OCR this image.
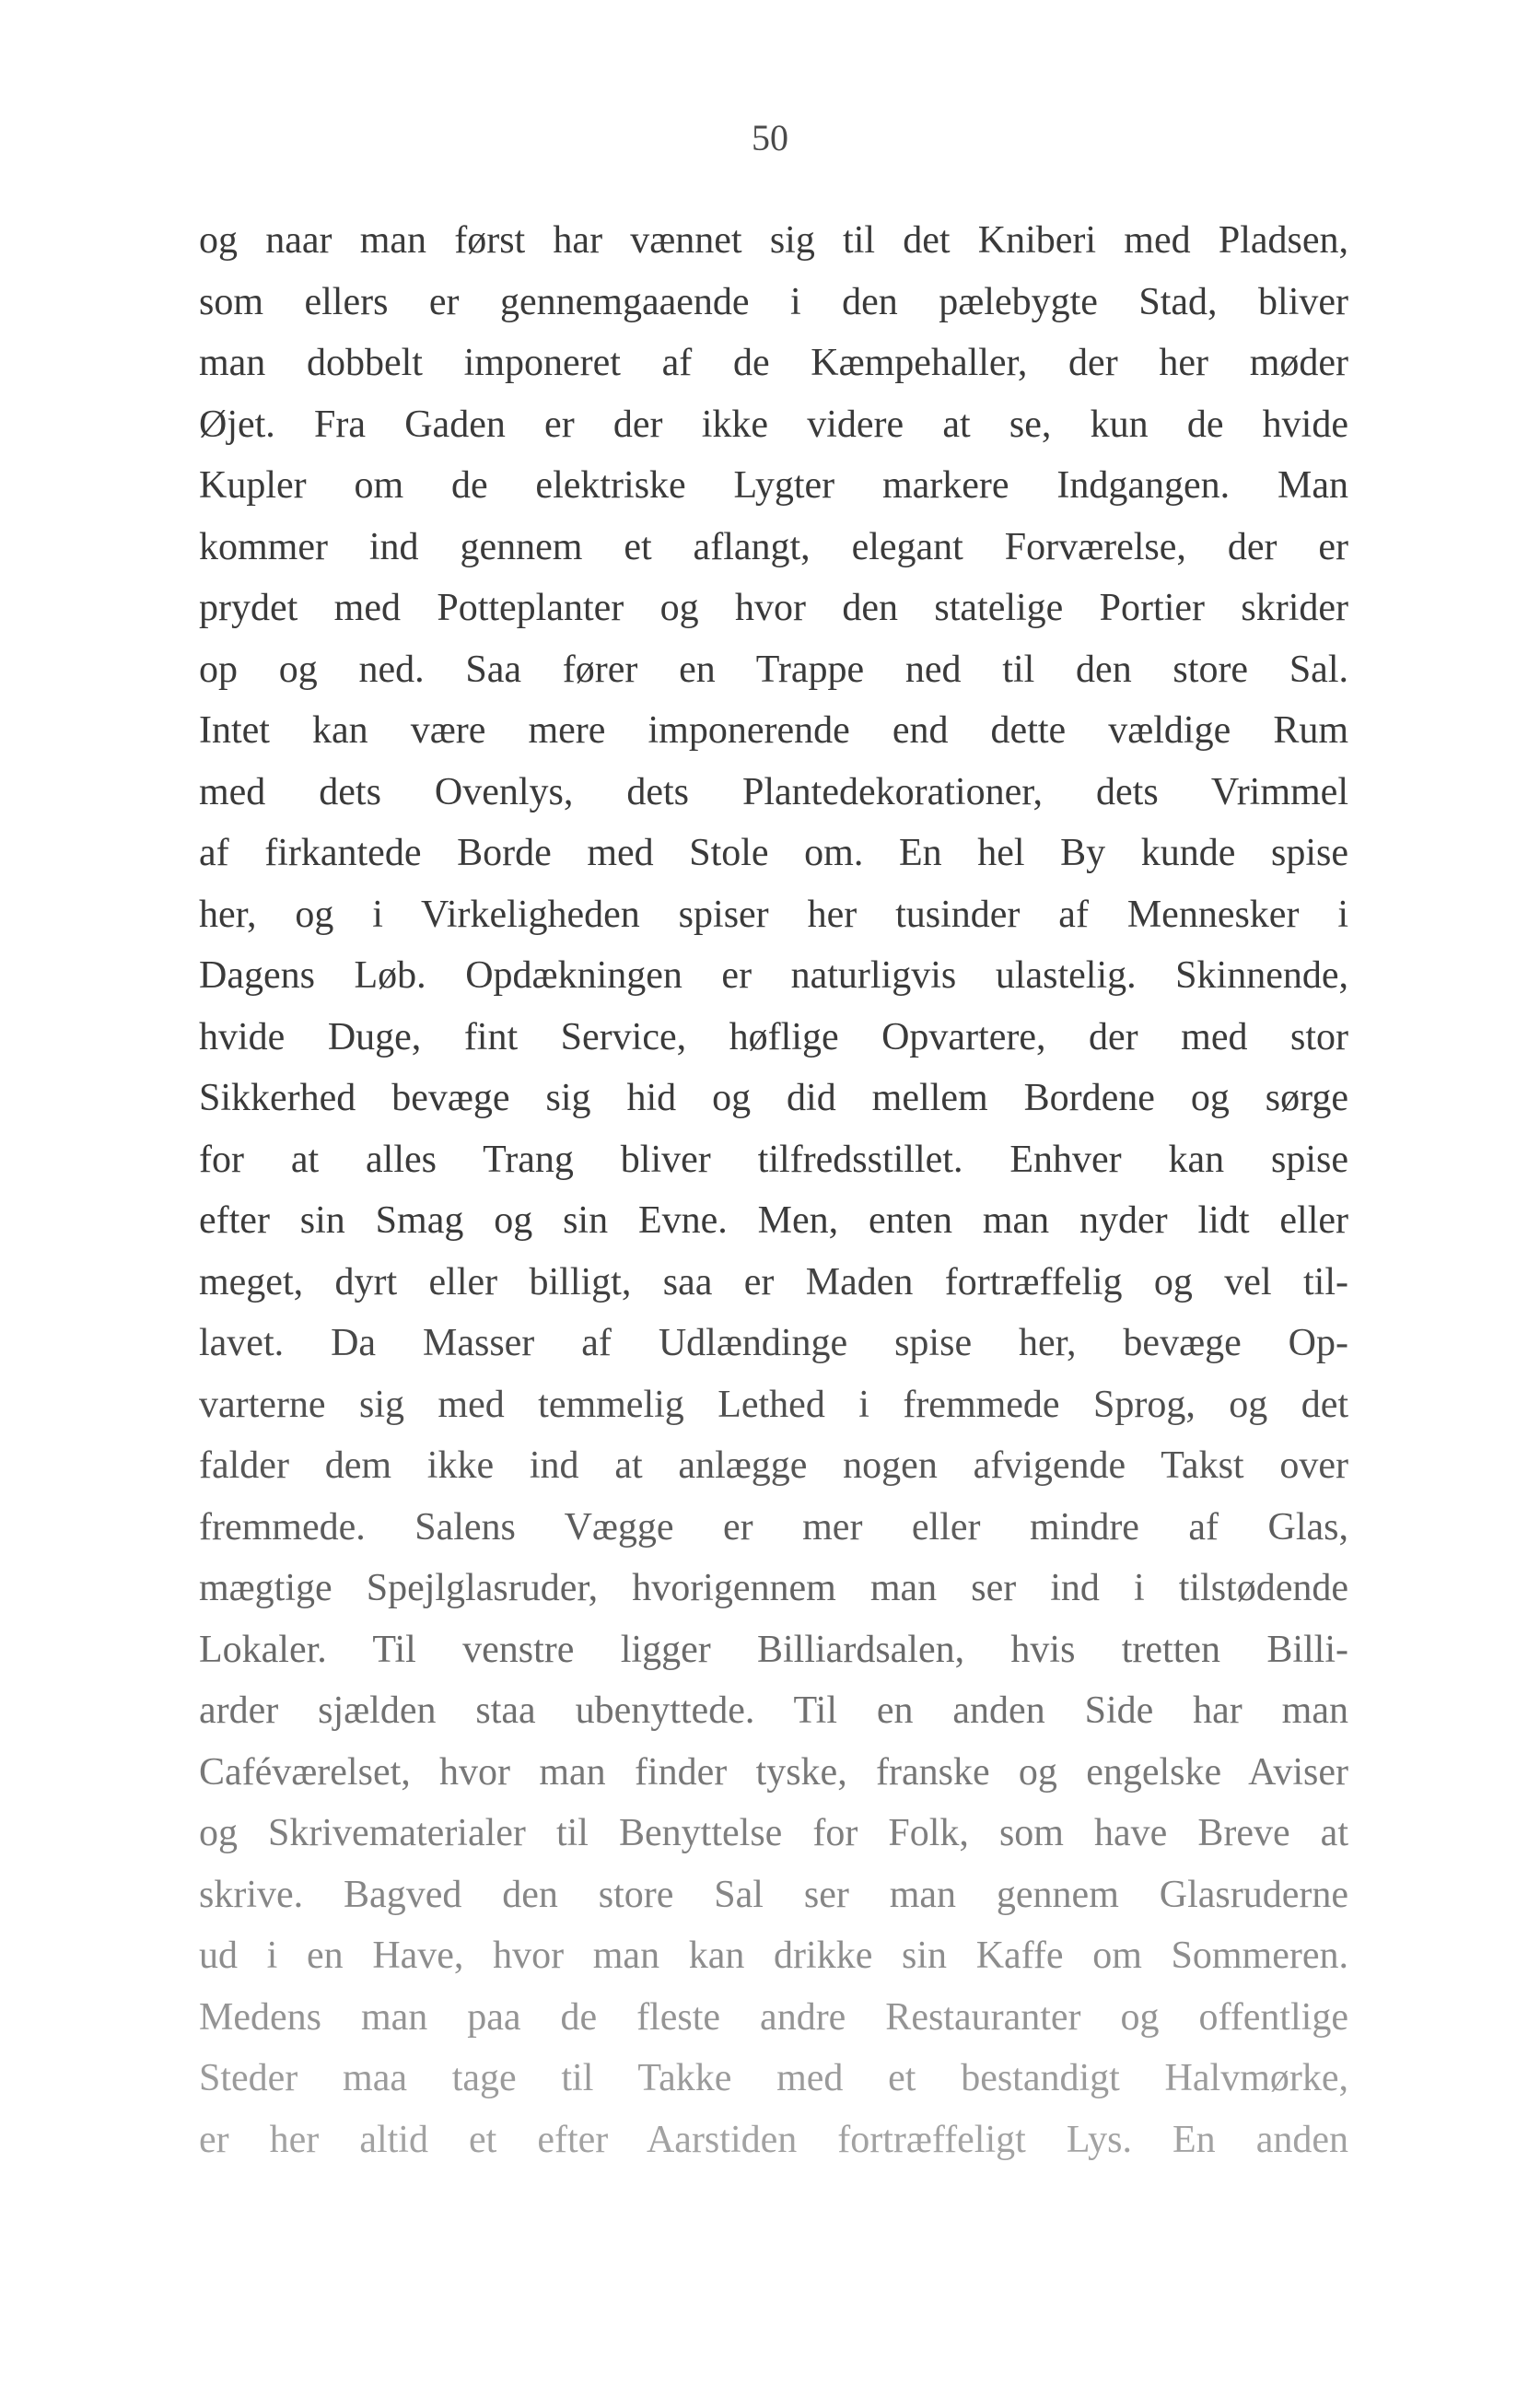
50
og naar man først har vænnet sig til det Kniberi med Pladsen,
som ellers er gennemgaaende i den pælebygte Stad, bliver
man dobbelt imponeret af de Kæmpehaller, der her møder
Øjet. Fra Gaden er der ikke videre at se, kun de hvide
Kupler om de elektriske Lygter markere Indgangen. Man
kommer ind gennem et aflangt, elegant Forværelse, der er
prydet med Potteplanter og hvor den statelige Portier skrider
op og ned. Saa fører en Trappe ned til den store Sal.
Intet kan være mere imponerende end dette vældige Rum
med dets Ovenlys, dets Plantedekorationer, dets Vrimmel
af firkantede Borde med Stole om. En hel By kunde spise
her, og i Virkeligheden spiser her tusinder af Mennesker i
Dagens Løb. Opdækningen er naturligvis ulastelig. Skinnende,
hvide Duge, fint Service, høflige Opvartere, der med stor
Sikkerhed bevæge sig hid og did mellem Bordene og sørge
for at alles Trang bliver tilfredsstillet. Enhver kan spise
efter sin Smag og sin Evne. Men, enten man nyder lidt eller
meget, dyrt eller billigt, saa er Maden fortræffelig og vel til-
lavet. Da Masser af Udlændinge spise her, bevæge Op-
varterne sig med temmelig Lethed i fremmede Sprog, og det
falder dem ikke ind at anlægge nogen afvigende Takst over
fremmede. Salens Vægge er mer eller mindre af Glas,
mægtige Spejlglasruder, hvorigennem man ser ind i tilstødende
Lokaler. Til venstre ligger Billiardsalen, hvis tretten Billi-
arder sjælden staa ubenyttede. Til en anden Side har man
Caféværelset, hvor man finder tyske, franske og engelske Aviser
og Skrivematerialer til Benyttelse for Folk, som have Breve at
skrive. Bagved den store Sal ser man gennem Glasruderne
ud i en Have, hvor man kan drikke sin Kaffe om Sommeren.
Medens man paa de fleste andre Restauranter og offentlige
Steder maa tage til Takke med et bestandigt Halvmørke,
er her altid et efter Aarstiden fortræffeligt Lys. En anden
